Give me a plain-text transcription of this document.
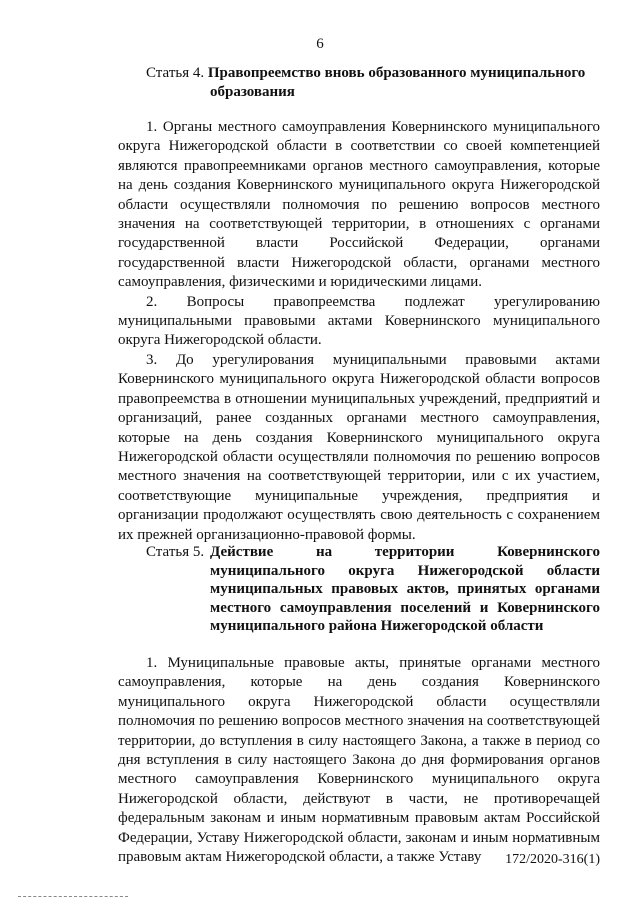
6
Статья 4. Правопреемство вновь образованного муниципального
образования

1. Органы местного самоуправления Ковернинского муниципального округа Нижегородской области в соответствии со своей компетенцией являются правопреемниками органов местного самоуправления, которые на день создания Ковернинского муниципального округа Нижегородской области осуществляли полномочия по решению вопросов местного значения на соответствующей территории, в отношениях с органами государственной власти Российской Федерации, органами государственной власти Нижегородской области, органами местного самоуправления, физическими и юридическими лицами.

2. Вопросы правопреемства подлежат урегулированию муниципальными правовыми актами Ковернинского муниципального округа Нижегородской области.

3. До урегулирования муниципальными правовыми актами Ковернинского муниципального округа Нижегородской области вопросов правопреемства в отношении муниципальных учреждений, предприятий и организаций, ранее созданных органами местного самоуправления, которые на день создания Ковернинского муниципального округа Нижегородской области осуществляли полномочия по решению вопросов местного значения на соответствующей территории, или с их участием, соответствующие муниципальные учреждения, предприятия и организации продолжают осуществлять свою деятельность с сохранением их прежней организационно-правовой формы.

Статья 5. Действие на территории Ковернинского муниципального округа Нижегородской области муниципальных правовых актов, принятых органами местного самоуправления поселений и Ковернинского муниципального района Нижегородской области

1. Муниципальные правовые акты, принятые органами местного самоуправления, которые на день создания Ковернинского муниципального округа Нижегородской области осуществляли полномочия по решению вопросов местного значения на соответствующей территории, до вступления в силу настоящего Закона, а также в период со дня вступления в силу настоящего Закона до дня формирования органов местного самоуправления Ковернинского муниципального округа Нижегородской области, действуют в части, не противоречащей федеральным законам и иным нормативным правовым актам Российской Федерации, Уставу Нижегородской области, законам и иным нормативным правовым актам Нижегородской области, а также Уставу	172/2020-316(1)
